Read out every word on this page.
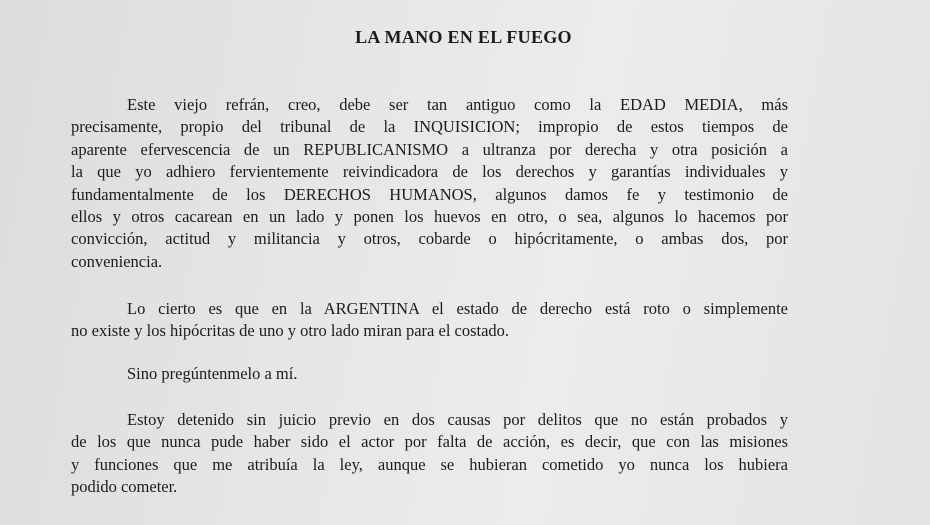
LA MANO EN EL FUEGO
Este viejo refrán, creo, debe ser tan antiguo como la EDAD MEDIA, más
precisamente, propio del tribunal de la INQUISICION; impropio de estos tiempos de
aparente efervescencia de un REPUBLICANISMO a ultranza por derecha y otra posición a
la que yo adhiero fervientemente reivindicadora de los derechos y garantías individuales y
fundamentalmente de los DERECHOS HUMANOS, algunos damos fe y testimonio de
ellos y otros cacarean en un lado y ponen los huevos en otro, o sea, algunos lo hacemos por
convicción, actitud y militancia y otros, cobarde o hipócritamente, o ambas dos, por
conveniencia.
Lo cierto es que en la ARGENTINA el estado de derecho está roto o simplemente
no existe y los hipócritas de uno y otro lado miran para el costado.
Sino pregúntenmelo a mí.
Estoy detenido sin juicio previo en dos causas por delitos que no están probados y
de los que nunca pude haber sido el actor por falta de acción, es decir, que con las misiones
y funciones que me atribuía la ley, aunque se hubieran cometido yo nunca los hubiera
podido cometer.
